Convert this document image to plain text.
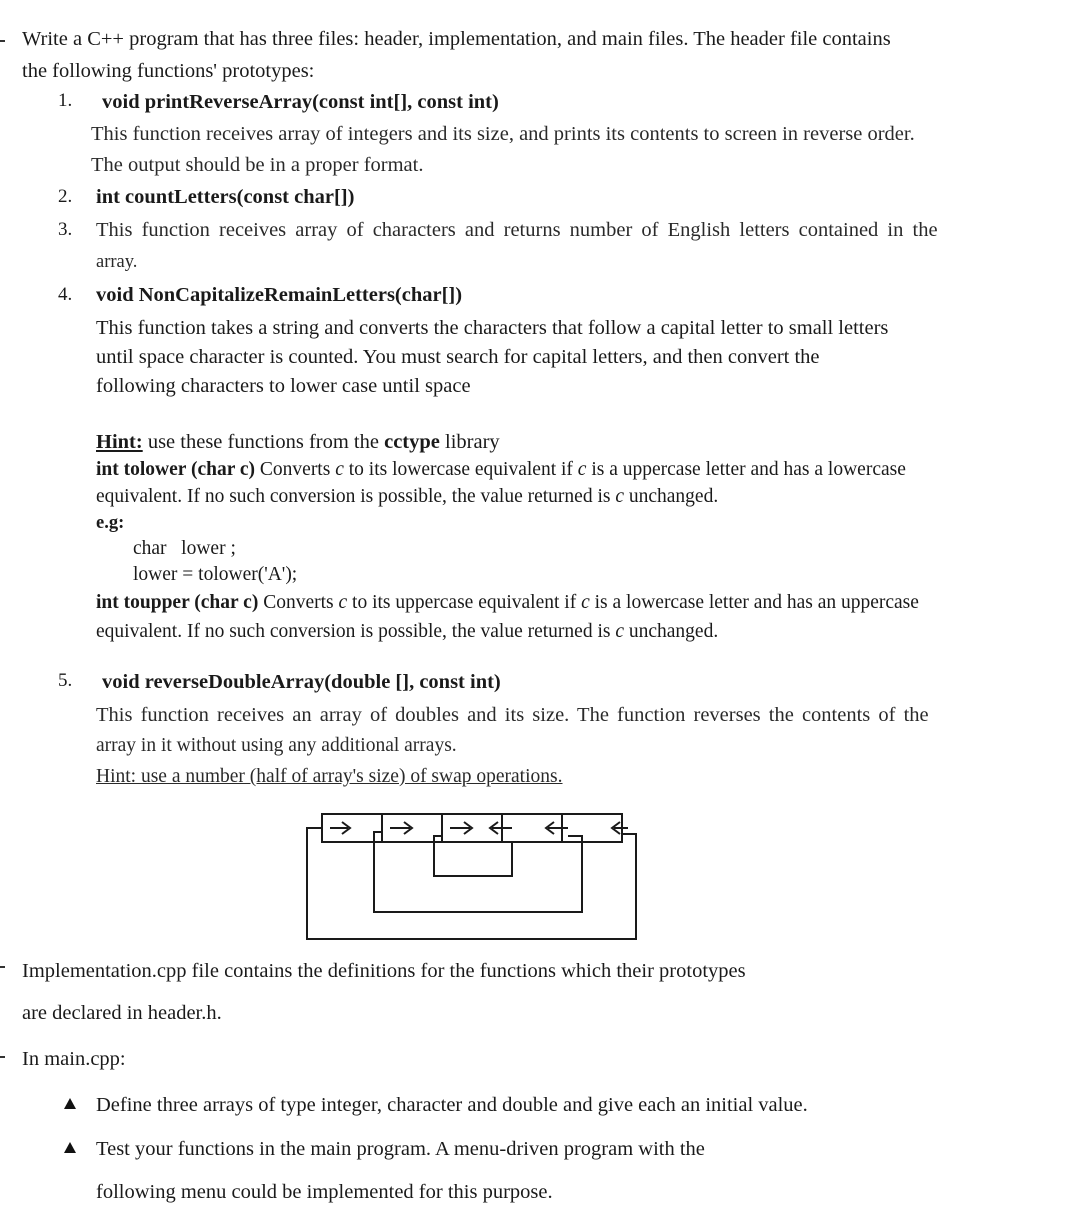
Write a C++ program that has three files: header, implementation, and main files. The header file contains
the following functions' prototypes:
1. void printReverseArray(const int[], const int)
This function receives array of integers and its size, and prints its contents to screen in reverse order.
The output should be in a proper format.
2. int countLetters(const char[])
3. This function receives array of characters and returns number of English letters contained in the
array.
4. void NonCapitalizeRemainLetters(char[])
This function takes a string and converts the characters that follow a capital letter to small letters
until space character is counted. You must search for capital letters, and then convert the
following characters to lower case until space
Hint: use these functions from the cctype library
int tolower (char c) Converts c to its lowercase equivalent if c is a uppercase letter and has a lowercase
equivalent. If no such conversion is possible, the value returned is c unchanged.
e.g:
char   lower ;
lower = tolower('A');
int toupper (char c) Converts c to its uppercase equivalent if c is a lowercase letter and has an uppercase
equivalent. If no such conversion is possible, the value returned is c unchanged.
5. void reverseDoubleArray(double [], const int)
This function receives an array of doubles and its size. The function reverses the contents of the
array in it without using any additional arrays.
Hint: use a number (half of array's size) of swap operations.
Implementation.cpp file contains the definitions for the functions which their prototypes
are declared in header.h.
In main.cpp:
Define three arrays of type integer, character and double and give each an initial value.
Test your functions in the main program. A menu-driven program with the
following menu could be implemented for this purpose.
